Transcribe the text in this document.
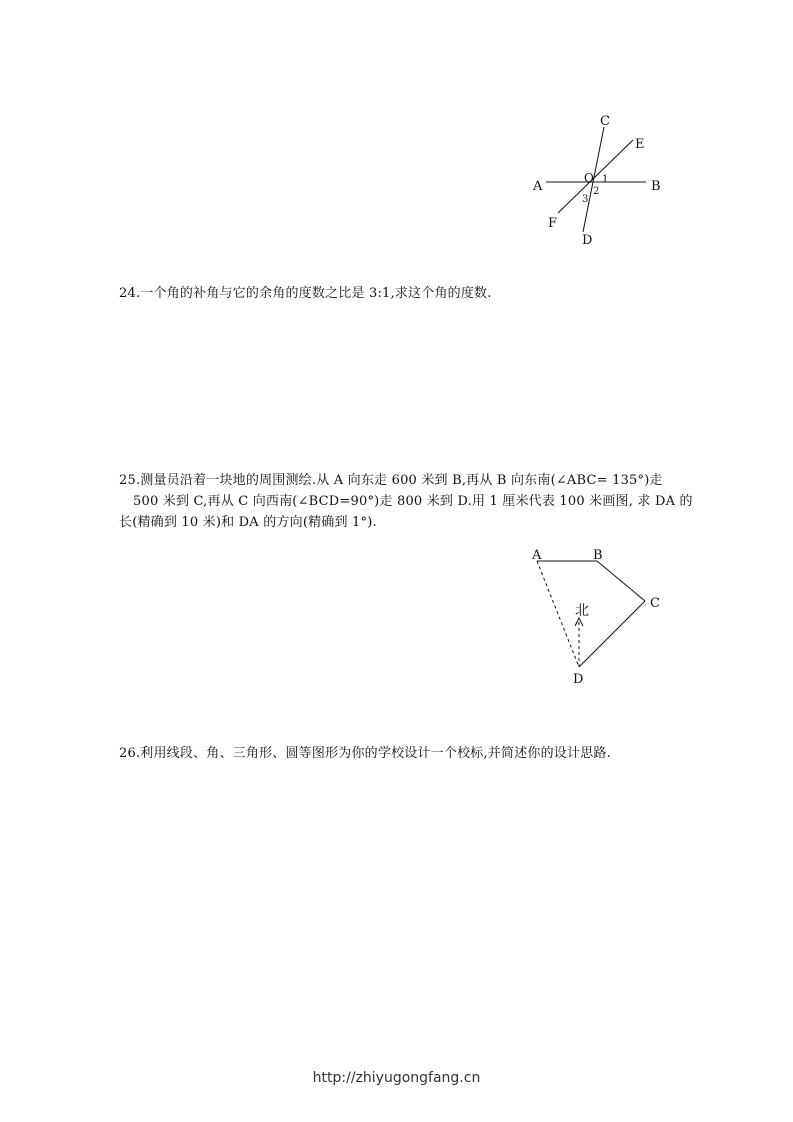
A	B
C
D
E
F
O 1
2
3
24.一个角的补角与它的余角的度数之比是 3:1,求这个角的度数.
25.测量员沿着一块地的周围测绘.从 A 向东走 600 米到 B,再从 B 向东南(∠ABC= 135°)走
500 米到 C,再从 C 向西南(∠BCD=90°)走 800 米到 D.用 1 厘米代表 100 米画图, 求 DA 的
长(精确到 10 米)和 DA 的方向(精确到 1°).
北
A	B
C
D
26.利用线段、角、三角形、圆等图形为你的学校设计一个校标,并简述你的设计思路.
http://zhiyugongfang.cn
